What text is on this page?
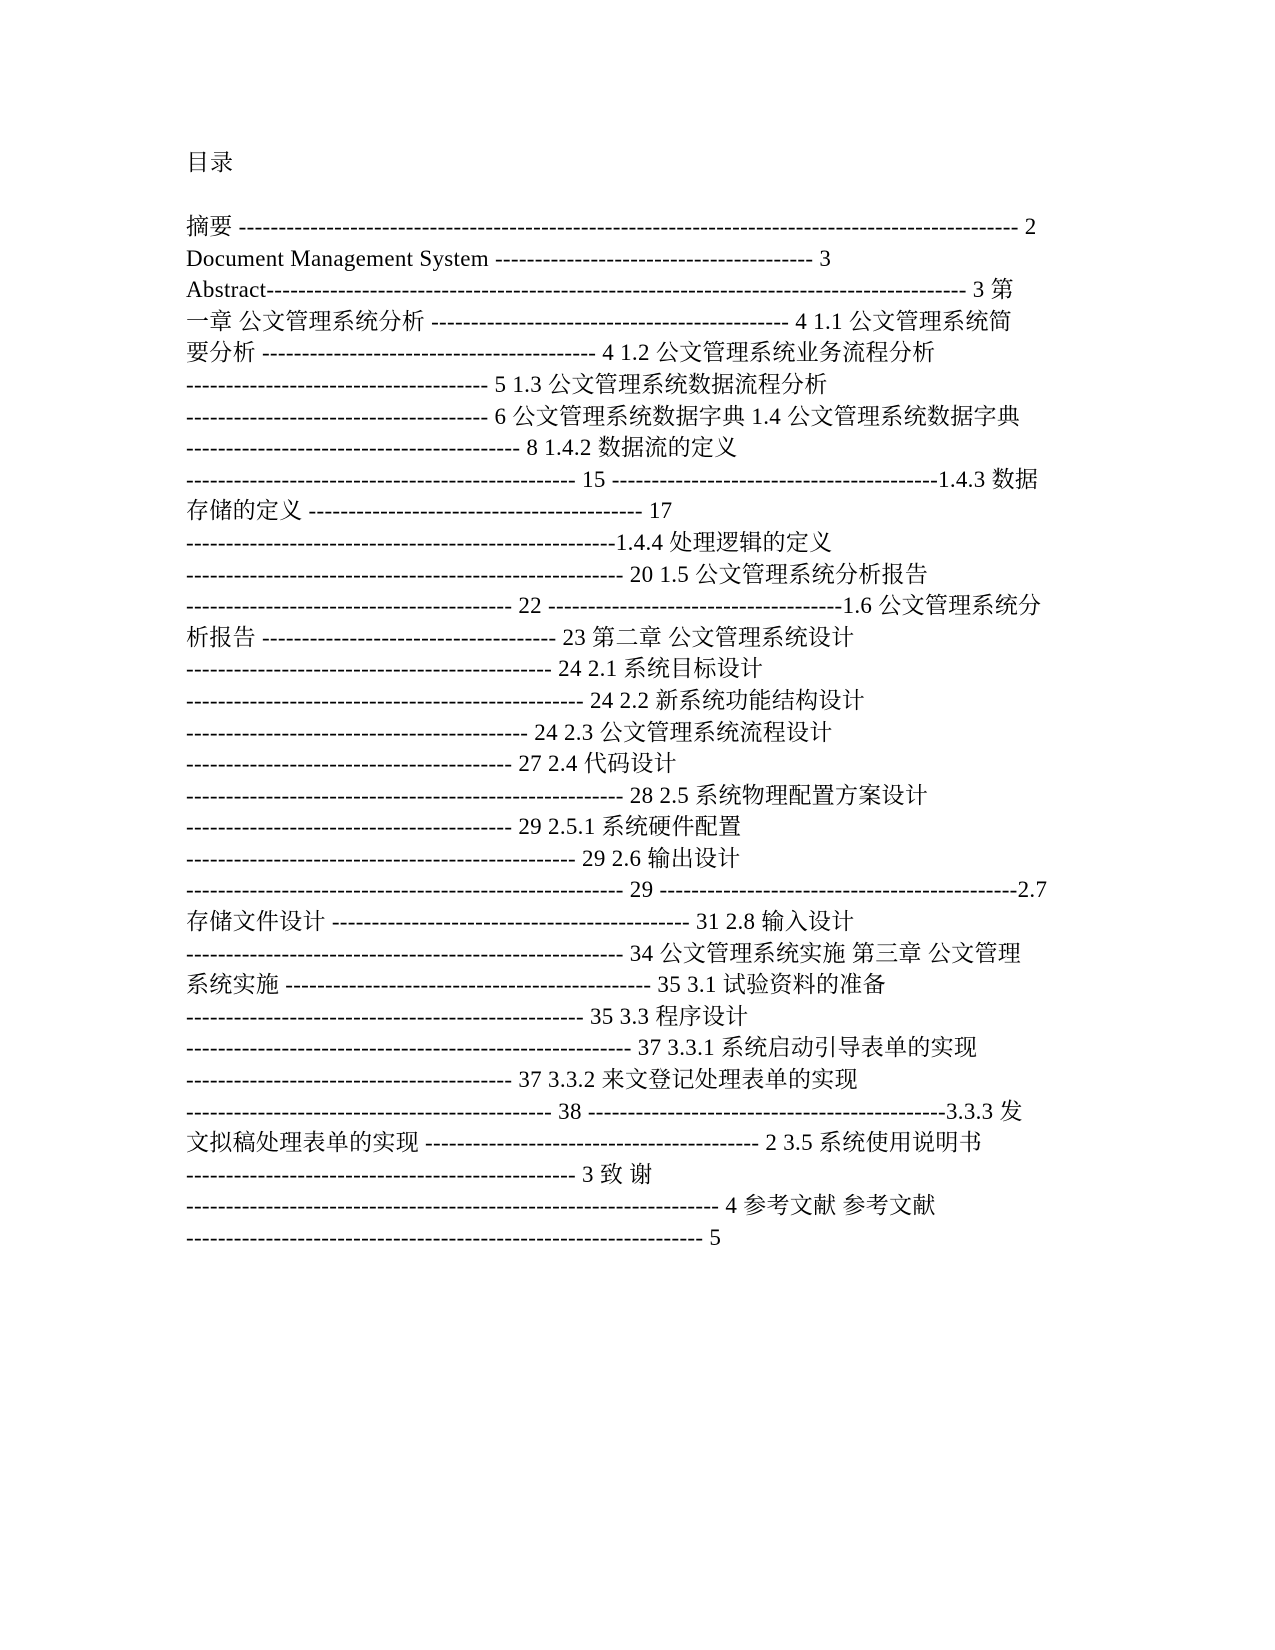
目录
摘要 -------------------------------------------------------------------------------------------------- 2
Document Management System ---------------------------------------- 3
Abstract---------------------------------------------------------------------------------------- 3 第
一章 公文管理系统分析 --------------------------------------------- 4 1.1 公文管理系统简
要分析 ------------------------------------------ 4 1.2 公文管理系统业务流程分析
-------------------------------------- 5 1.3 公文管理系统数据流程分析
-------------------------------------- 6 公文管理系统数据字典 1.4 公文管理系统数据字典
------------------------------------------ 8 1.4.2 数据流的定义
------------------------------------------------- 15 -----------------------------------------1.4.3 数据
存储的定义 ------------------------------------------ 17
------------------------------------------------------1.4.4 处理逻辑的定义
------------------------------------------------------- 20 1.5 公文管理系统分析报告
----------------------------------------- 22 -------------------------------------1.6 公文管理系统分
析报告 ------------------------------------- 23 第二章 公文管理系统设计
---------------------------------------------- 24 2.1 系统目标设计
-------------------------------------------------- 24 2.2 新系统功能结构设计
------------------------------------------- 24 2.3 公文管理系统流程设计
----------------------------------------- 27 2.4 代码设计
------------------------------------------------------- 28 2.5 系统物理配置方案设计
----------------------------------------- 29 2.5.1 系统硬件配置
------------------------------------------------- 29 2.6 输出设计
------------------------------------------------------- 29 ---------------------------------------------2.7
存储文件设计 --------------------------------------------- 31 2.8 输入设计
------------------------------------------------------- 34 公文管理系统实施 第三章 公文管理
系统实施 ---------------------------------------------- 35 3.1 试验资料的准备
-------------------------------------------------- 35 3.3 程序设计
-------------------------------------------------------- 37 3.3.1 系统启动引导表单的实现
----------------------------------------- 37 3.3.2 来文登记处理表单的实现
---------------------------------------------- 38 ---------------------------------------------3.3.3 发
文拟稿处理表单的实现 ------------------------------------------ 2 3.5 系统使用说明书
------------------------------------------------- 3 致 谢
------------------------------------------------------------------- 4 参考文献 参考文献
----------------------------------------------------------------- 5
